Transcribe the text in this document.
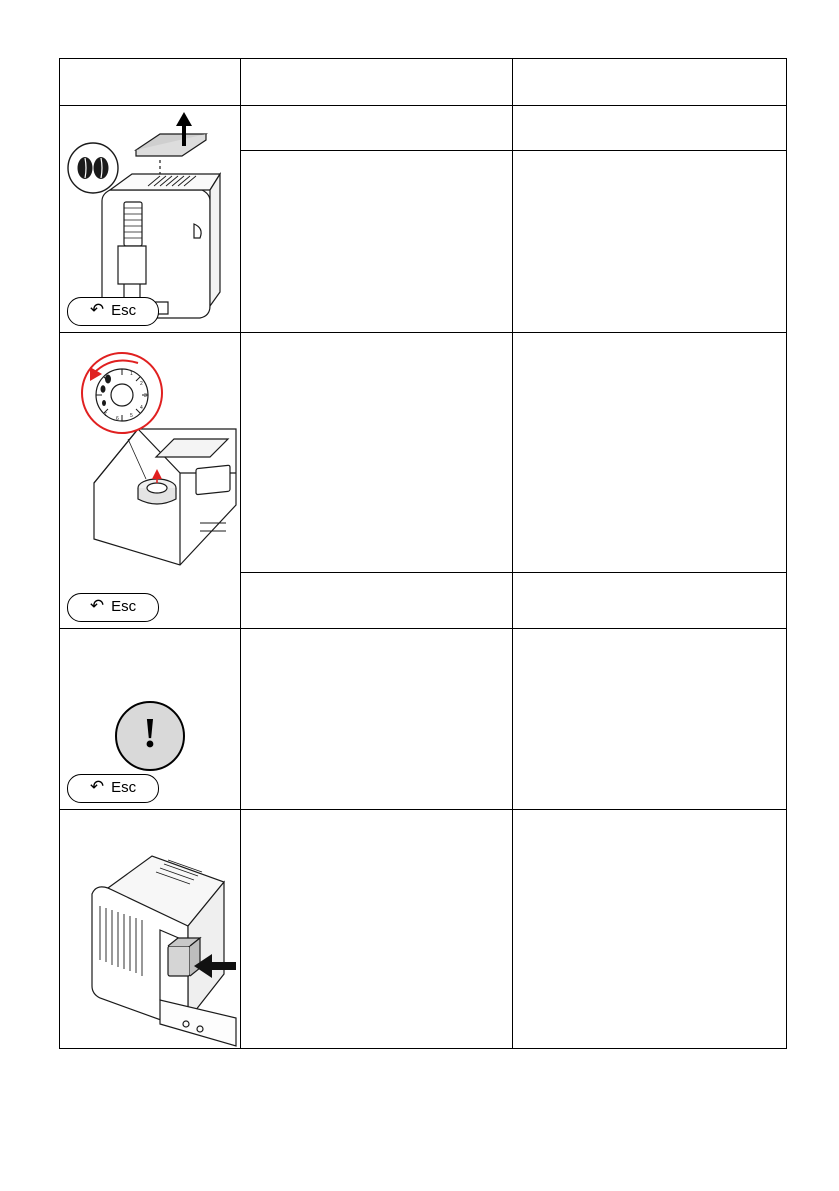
↶ Esc		

1
2
3
4
5
6
7
↶ Esc

!
↶ Esc		
